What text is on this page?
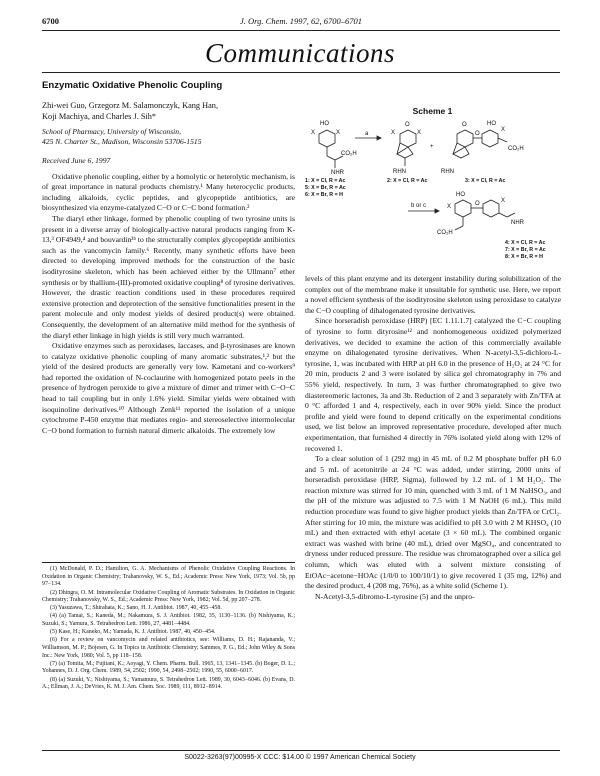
6700	J. Org. Chem. 1997, 62, 6700–6701
Communications
Enzymatic Oxidative Phenolic Coupling
Zhi-wei Guo, Grzegorz M. Salamonczyk, Kang Han,
Koji Machiya, and Charles J. Sih*
School of Pharmacy, University of Wisconsin,
425 N. Charter St., Madison, Wisconsin 53706-1515
Received June 6, 1997

Oxidative phenolic coupling, either by a homolytic or heterolytic mechanism, is of great importance in natural products chemistry.¹ Many heterocyclic products, including alkaloids, cyclic peptides, and glycopeptide antibiotics, are biosynthesized via enzyme-catalyzed C−O or C−C bond formation.²

The diaryl ether linkage, formed by phenolic coupling of two tyrosine units is present in a diverse array of biologically-active natural products ranging from K-13,³ OF4949,⁴ and bouvardin³ᵇ to the structurally complex glycopeptide antibiotics such as the vancomycin family.⁶ Recently, many synthetic efforts have been directed to developing improved methods for the construction of the basic isodityrosine skeleton, which has been achieved either by the Ullmann⁷ ether synthesis or by thallium-(III)-promoted oxidative coupling⁸ of tyrosine derivatives. However, the drastic reaction conditions used in these procedures required extensive protection and deprotection of the sensitive functionalities present in the parent molecule and only modest yields of desired product(s) were obtained. Consequently, the development of an alternative mild method for the synthesis of the diaryl ether linkage in high yields is still very much warranted.

Oxidative enzymes such as peroxidases, laccases, and β-tyrosinases are known to catalyze oxidative phenolic coupling of many aromatic substrates,¹,² but the yield of the desired products are generally very low. Kametani and co-workers⁹ had reported the oxidation of N-coclaurine with homogenized potato peels in the presence of hydrogen peroxide to give a mixture of dimer and trimer with C−O−C head to tail coupling but in only 1.6% yield. Similar yields were obtained with isoquinoline derivatives.¹⁰ Although Zenk¹¹ reported the isolation of a unique cytochrome P-450 enzyme that mediates regio- and stereoselective intermolecular C−O bond formation to furnish natural dimeric alkaloids. The extremely low

(1) McDonald, P. D.; Hamilton, G. A. Mechanisms of Phenolic Oxidative Coupling Reactions. In Oxidation in Organic Chemistry; Trahanovsky, W. S., Ed.; Academic Press: New York, 1973; Vol. 5b, pp 97−134.

(2) Dhingra, O. M. Intramolecular Oxidative Coupling of Aromatic Substrates. In Oxidation in Organic Chemistry; Trahanovsky, W. S., Ed.; Academic Press: New York, 1982; Vol. 5d, pp 207−278.

(3) Yasuzawa, T.; Shirahata, K.; Sano, H. J. Antibiot. 1987, 40, 455−458.

(4) (a) Tamai, S.; Kaneda, M.; Nakamura, S. J. Antibiot. 1982, 35, 1130−1136. (b) Nishiyama, K.; Suzuki, S.; Yamura, S. Tetrahedron Lett. 1986, 27, 4481−4484.

(5) Kase, H.; Kaneko, M.; Yamada, K. J. Antibiot. 1987, 40, 450−454.

(6) For a review on vancomycin and related antibiotics, see: Williams, D. H.; Rajananda, V.; Williamson, M. P.; Bojesen, G. In Topics in Antibiotic Chemistry; Sammes, P. G., Ed.; John Wiley & Sons Inc.: New York, 1980; Vol. 5, pp 118−158.

(7) (a) Tomita, M.; Fujitani, K.; Aoyagi, Y. Chem. Pharm. Bull. 1965, 13, 1341−1345. (b) Boger, D. L.; Yohannes, D. J. Org. Chem. 1989, 54, 2502; 1990, 54, 2498−2502; 1990, 55, 6000−6017.

(8) (a) Suzuki, Y.; Nishiyama, S.; Yamamura, S. Tetrahedron Lett. 1989, 30, 6043−6046. (b) Evans, D. A.; Ellman, J. A.; DeVries, K. M. J. Am. Chem. Soc. 1989, 111, 8912−8914.

Scheme 1
HO
X	X
CO₂H
NHR
a
O
X
X
RHN
+
O
O
X
HO
RHN
CO₂H
b or c
HO
O	X
X
CO₂H
NHR
1: X = Cl, R = Ac
5: X = Br, R = Ac
6: X = Br, R = H
2: X = Cl, R = Ac	3: X = Cl, R = Ac
4: X = Cl, R = Ac
7: X = Br, R = Ac
8: X = Br, R = H

levels of this plant enzyme and its detergent instability during solubilization of the complex out of the membrane make it unsuitable for synthetic use. Here, we report a novel efficient synthesis of the isodityrosine skeleton using peroxidase to catalyze the C−O coupling of dihalogenated tyrosine derivatives.

Since horseradish peroxidase (HRP) [EC 1.11.1.7] catalyzed the C−C coupling of tyrosine to form dityrosine¹² and nonhomogeneous oxidized polymerized derivatives, we decided to examine the action of this commercially available enzyme on dihalogenated tyrosine derivatives. When N-acetyl-3,5-dichloro-L-tyrosine, 1, was incubated with HRP at pH 6.0 in the presence of H₂O₂ at 24 °C for 20 min, products 2 and 3 were isolated by silica gel chromatography in 7% and 55% yield, respectively. In turn, 3 was further chromatographed to give two diastereomeric lactones, 3a and 3b. Reduction of 2 and 3 separately with Zn/TFA at 0 °C afforded 1 and 4, respectively, each in over 90% yield. Since the product profile and yield were found to depend critically on the experimental conditions used, we list below an improved representative procedure, developed after much experimentation, that furnished 4 directly in 76% isolated yield along with 12% of recovered 1.

To a clear solution of 1 (292 mg) in 45 mL of 0.2 M phosphate buffer pH 6.0 and 5 mL of acetonitrile at 24 °C was added, under stirring, 2000 units of horseradish peroxidase (HRP, Sigma), followed by 1.2 mL of 1 M H₂O₂. The reaction mixture was stirred for 10 min, quenched with 3 mL of 1 M NaHSO₃, and the pH of the mixture was adjusted to 7.5 with 1 M NaOH (6 mL). This mild reduction procedure was found to give higher product yields than Zn/TFA or CrCl₂. After stirring for 10 min, the mixture was acidified to pH 3.0 with 2 M KHSO₄ (10 mL) and then extracted with ethyl acetate (3 × 60 mL). The combined organic extract was washed with brine (40 mL), dried over MgSO₄, and concentrated to dryness under reduced pressure. The residue was chromatographed over a silica gel column, which was eluted with a solvent mixture consisting of EtOAc−acetone−HOAc (1/0/0 to 100/10/1) to give recovered 1 (35 mg, 12%) and the desired product, 4 (208 mg, 76%), as a white solid (Scheme 1).

N-Acetyl-3,5-dibromo-L-tyrosine (5) and the unpro-

S0022-3263(97)00995-X CCC: $14.00 © 1997 American Chemical Society
